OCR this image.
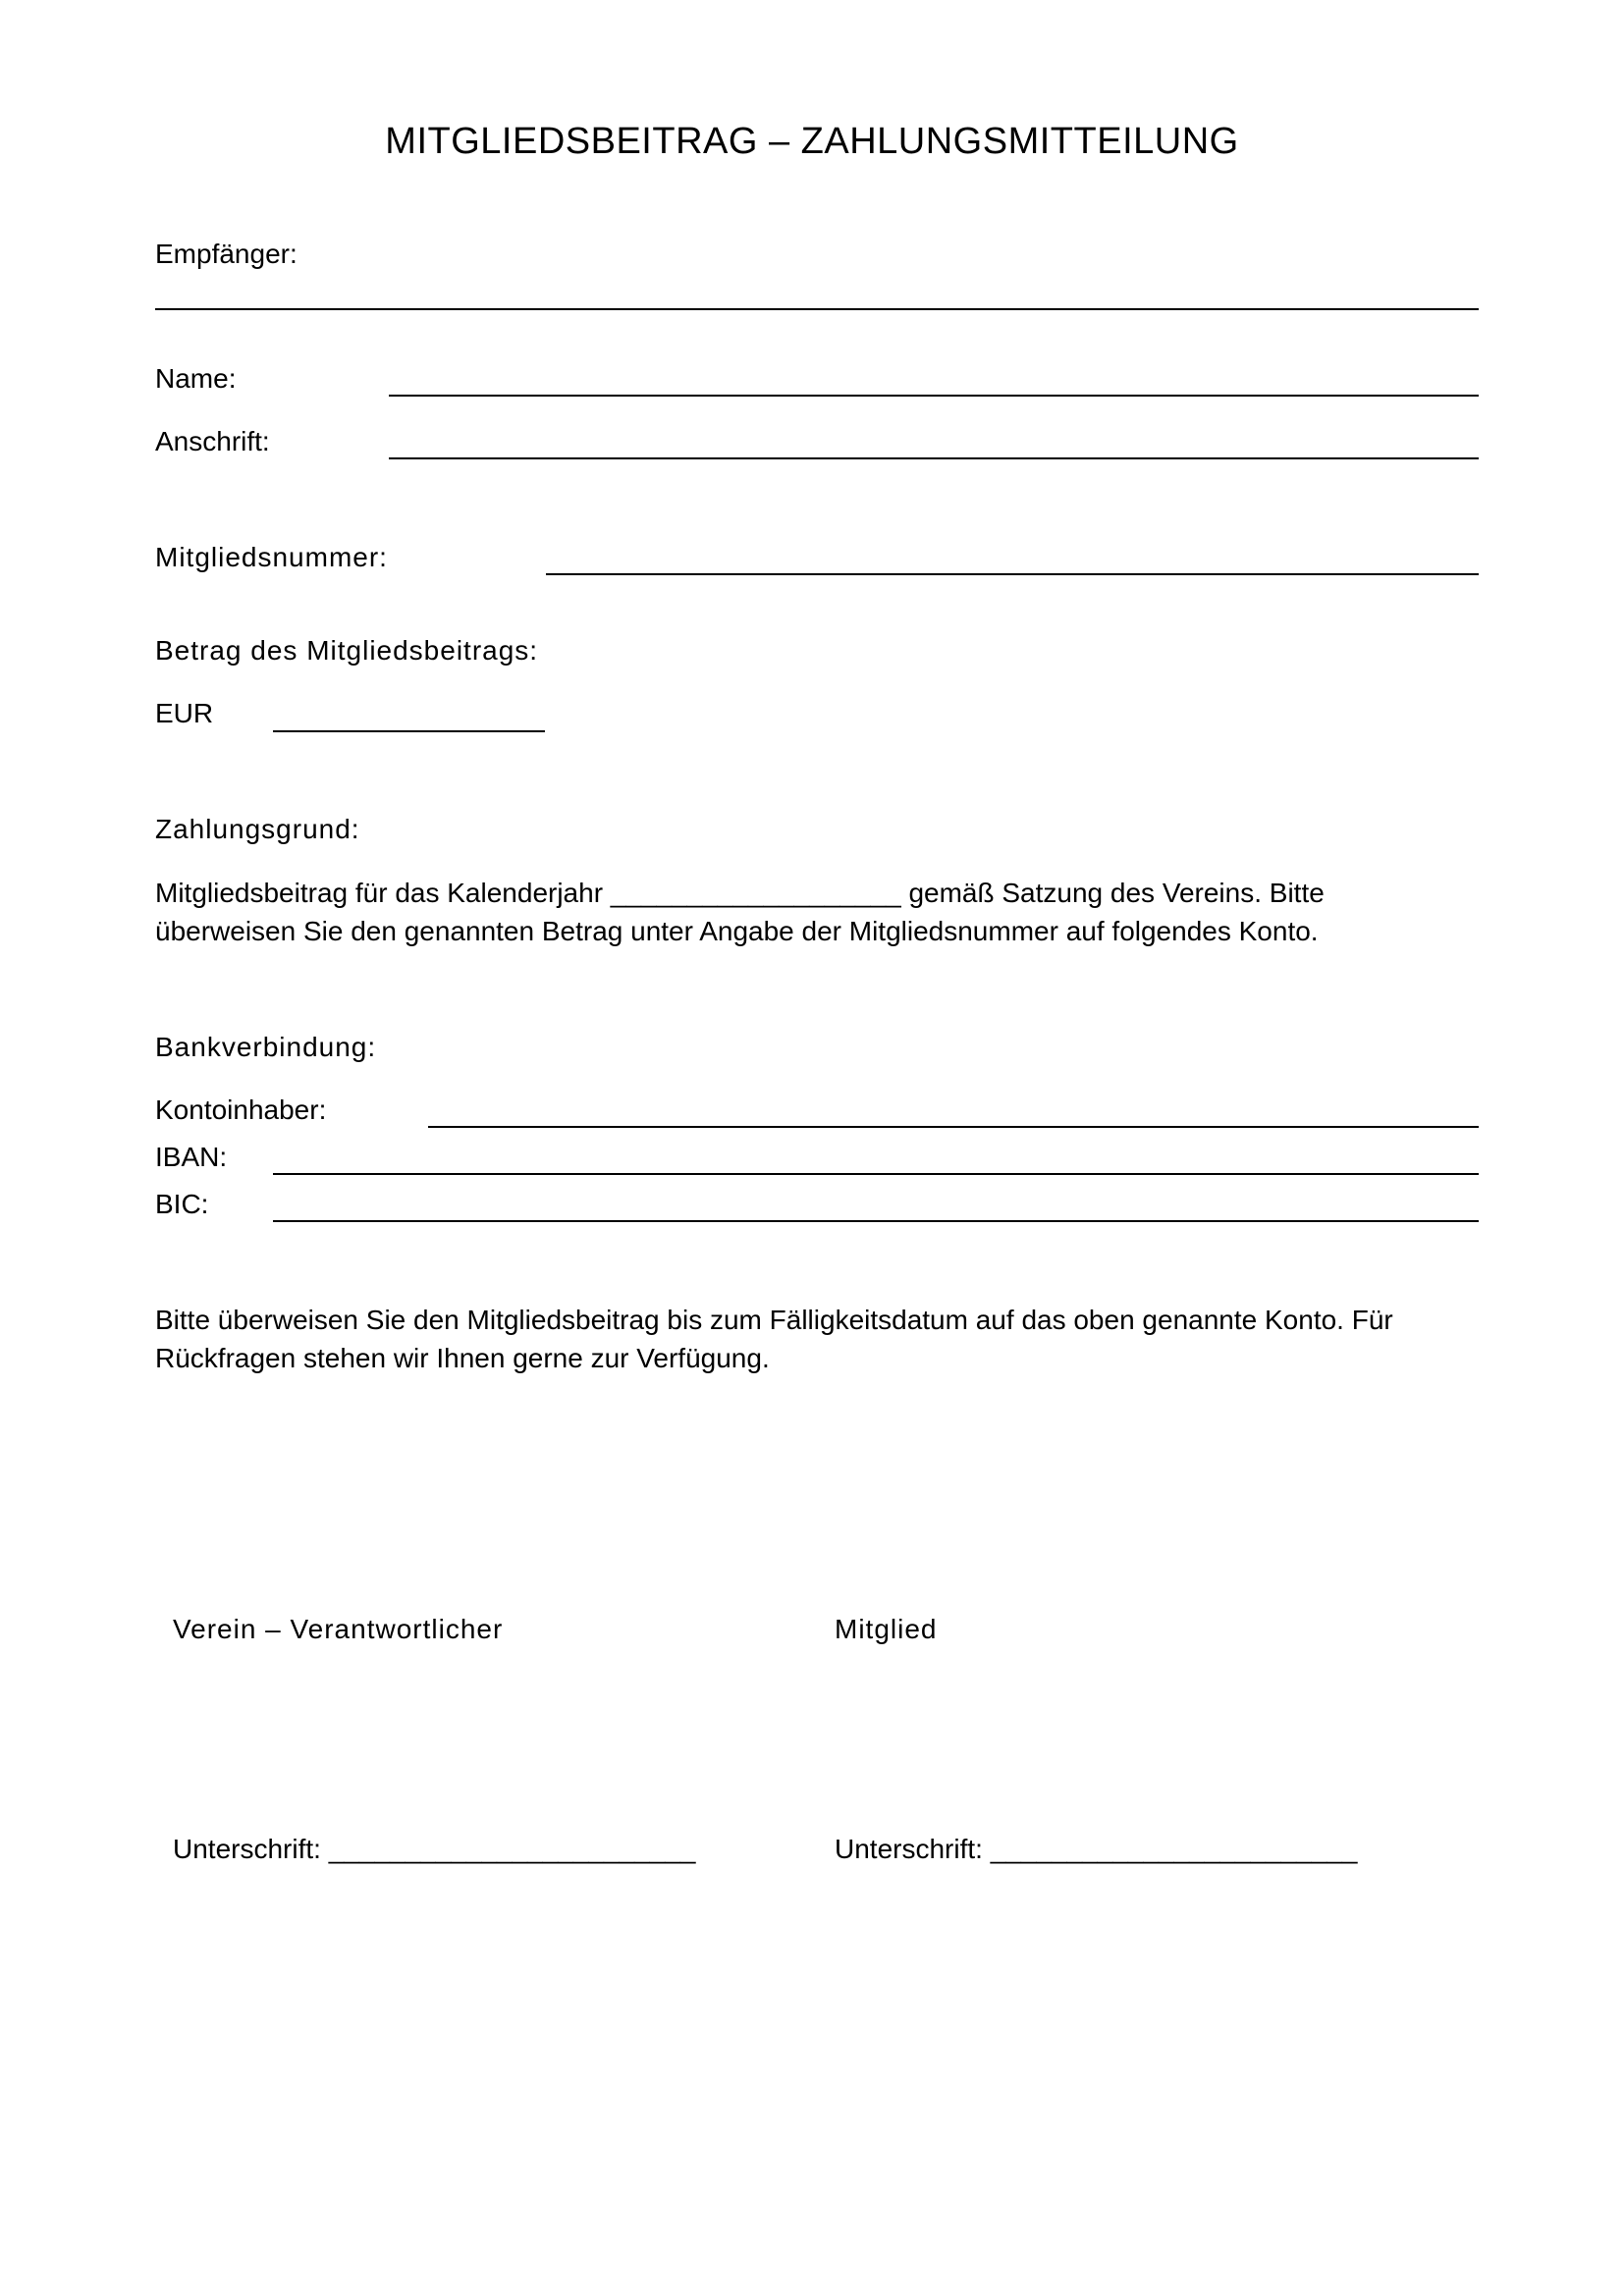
MITGLIEDSBEITRAG – ZAHLUNGSMITTEILUNG
Empfänger:
Name:
Anschrift:
Mitgliedsnummer:
Betrag des Mitgliedsbeitrags:
EUR
Zahlungsgrund:
Mitgliedsbeitrag für das Kalenderjahr ___________________ gemäß Satzung des Vereins. Bitte
überweisen Sie den genannten Betrag unter Angabe der Mitgliedsnummer auf folgendes Konto.
Bankverbindung:
Kontoinhaber:
IBAN:
BIC:
Bitte überweisen Sie den Mitgliedsbeitrag bis zum Fälligkeitsdatum auf das oben genannte Konto. Für
Rückfragen stehen wir Ihnen gerne zur Verfügung.
Verein – Verantwortlicher	Mitglied
Unterschrift: ________________________	Unterschrift: ________________________
